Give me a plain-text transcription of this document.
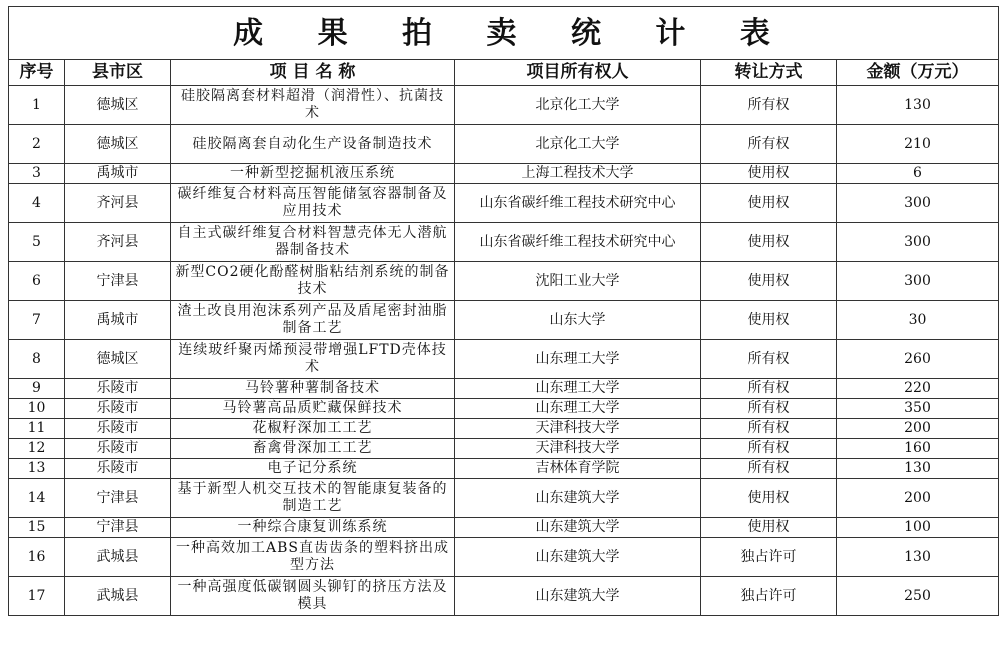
成 果 拍 卖 统 计 表					
序号	县市区	项 目 名 称	项目所有权人	转让方式	金额（万元）
1	德城区	硅胶隔离套材料超滑（润滑性）、抗菌技术	北京化工大学	所有权	130
2	德城区	硅胶隔离套自动化生产设备制造技术	北京化工大学	所有权	210
3	禹城市	一种新型挖掘机液压系统	上海工程技术大学	使用权	6
4	齐河县	碳纤维复合材料高压智能储氢容器制备及应用技术	山东省碳纤维工程技术研究中心	使用权	300
5	齐河县	自主式碳纤维复合材料智慧壳体无人潜航器制备技术	山东省碳纤维工程技术研究中心	使用权	300
6	宁津县	新型CO2硬化酚醛树脂粘结剂系统的制备技术	沈阳工业大学	使用权	300
7	禹城市	渣土改良用泡沫系列产品及盾尾密封油脂制备工艺	山东大学	使用权	30
8	德城区	连续玻纤聚丙烯预浸带增强LFTD壳体技术	山东理工大学	所有权	260
9	乐陵市	马铃薯种薯制备技术	山东理工大学	所有权	220
10	乐陵市	马铃薯高品质贮藏保鲜技术	山东理工大学	所有权	350
11	乐陵市	花椒籽深加工工艺	天津科技大学	所有权	200
12	乐陵市	畜禽骨深加工工艺	天津科技大学	所有权	160
13	乐陵市	电子记分系统	吉林体育学院	所有权	130
14	宁津县	基于新型人机交互技术的智能康复装备的制造工艺	山东建筑大学	使用权	200
15	宁津县	一种综合康复训练系统	山东建筑大学	使用权	100
16	武城县	一种高效加工ABS直齿齿条的塑料挤出成型方法	山东建筑大学	独占许可	130
17	武城县	一种高强度低碳钢圆头铆钉的挤压方法及模具	山东建筑大学	独占许可	250
